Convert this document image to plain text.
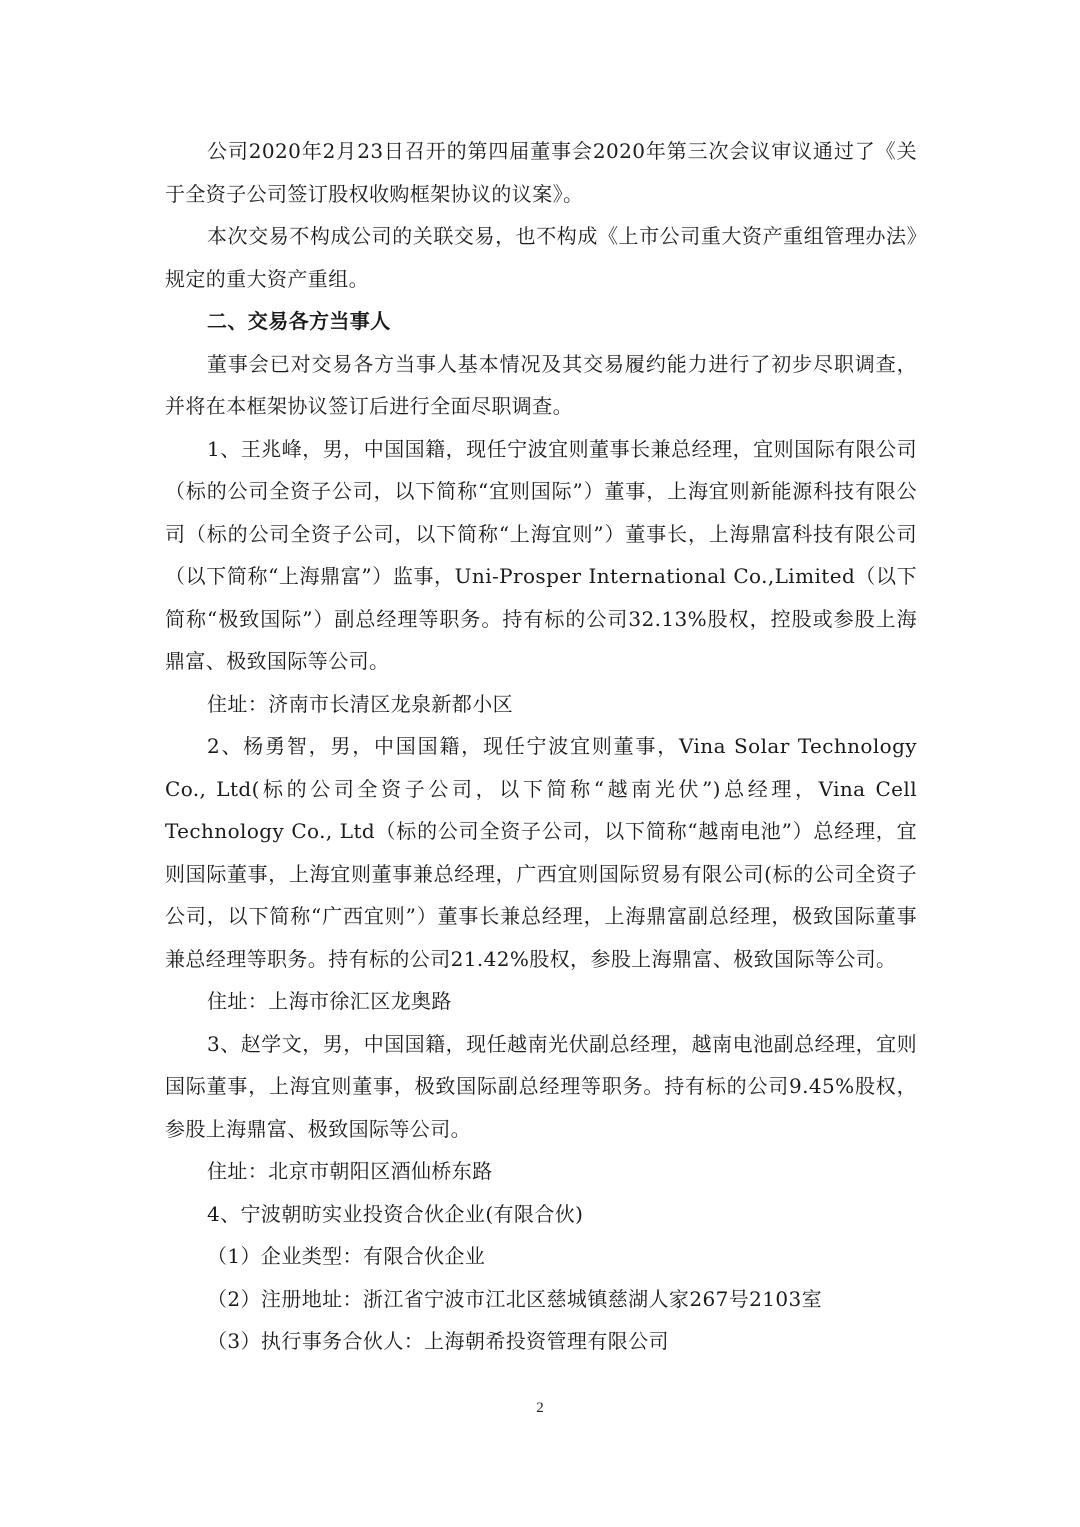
公司2020年2月23日召开的第四届董事会2020年第三次会议审议通过了《关于全资子公司签订股权收购框架协议的议案》。

本次交易不构成公司的关联交易，也不构成《上市公司重大资产重组管理办法》规定的重大资产重组。

二、交易各方当事人

董事会已对交易各方当事人基本情况及其交易履约能力进行了初步尽职调查，并将在本框架协议签订后进行全面尽职调查。

1、王兆峰，男，中国国籍，现任宁波宜则董事长兼总经理，宜则国际有限公司（标的公司全资子公司，以下简称“宜则国际”）董事，上海宜则新能源科技有限公司（标的公司全资子公司，以下简称“上海宜则”）董事长，上海鼎富科技有限公司（以下简称“上海鼎富”）监事，Uni-Prosper International Co.,Limited（以下简称“极致国际”）副总经理等职务。持有标的公司32.13%股权，控股或参股上海鼎富、极致国际等公司。

住址：济南市长清区龙泉新都小区

2、杨勇智，男，中国国籍，现任宁波宜则董事，Vina Solar Technology Co., Ltd(标的公司全资子公司，以下简称“越南光伏”)总经理，Vina Cell Technology Co., Ltd（标的公司全资子公司，以下简称“越南电池”）总经理，宜则国际董事，上海宜则董事兼总经理，广西宜则国际贸易有限公司(标的公司全资子公司，以下简称“广西宜则”）董事长兼总经理，上海鼎富副总经理，极致国际董事兼总经理等职务。持有标的公司21.42%股权，参股上海鼎富、极致国际等公司。

住址：上海市徐汇区龙奥路

3、赵学文，男，中国国籍，现任越南光伏副总经理，越南电池副总经理，宜则国际董事，上海宜则董事，极致国际副总经理等职务。持有标的公司9.45%股权，参股上海鼎富、极致国际等公司。

住址：北京市朝阳区酒仙桥东路

4、宁波朝昉实业投资合伙企业(有限合伙)

（1）企业类型：有限合伙企业

（2）注册地址：浙江省宁波市江北区慈城镇慈湖人家267号2103室

（3）执行事务合伙人：上海朝希投资管理有限公司

2
